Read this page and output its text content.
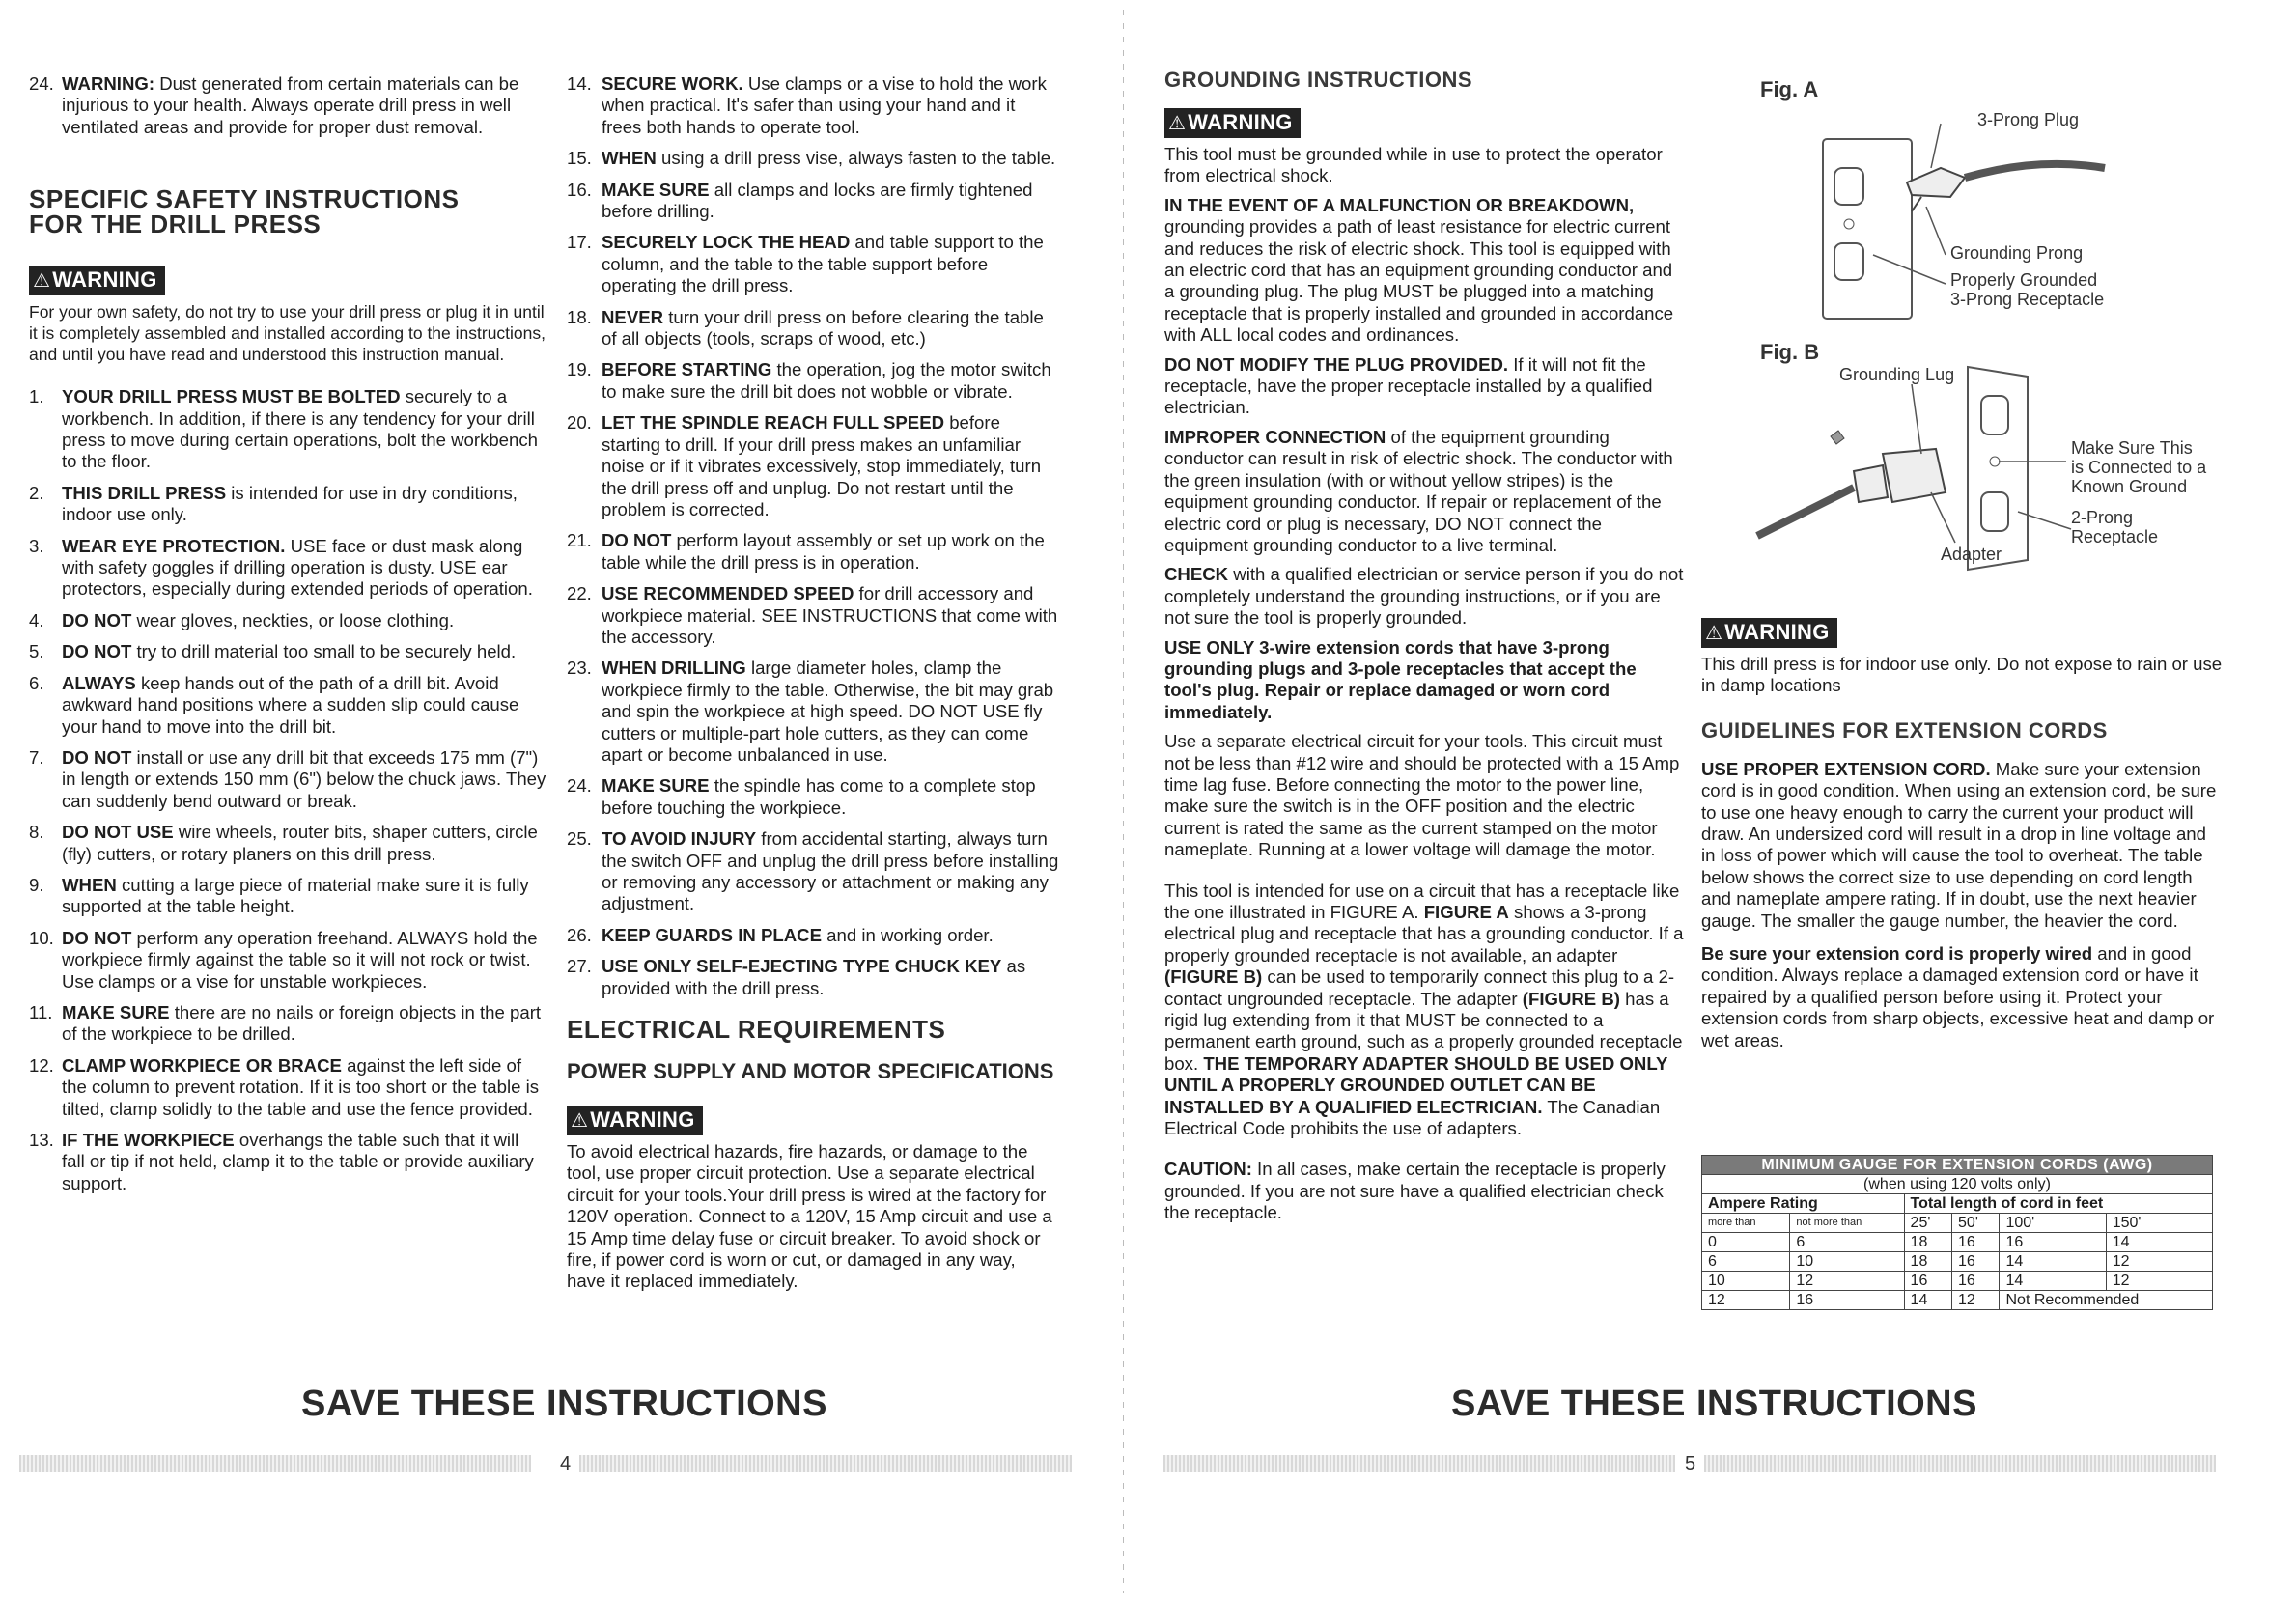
24. WARNING: Dust generated from certain materials can be injurious to your health. Always operate drill press in well ventilated areas and provide for proper dust removal.
SPECIFIC SAFETY INSTRUCTIONS
FOR THE DRILL PRESS
⚠WARNING

For your own safety, do not try to use your drill press or plug it in until it is completely assembled and installed according to the instructions, and until you have read and understood this instruction manual.

1. YOUR DRILL PRESS MUST BE BOLTED securely to a workbench. In addition, if there is any tendency for your drill press to move during certain operations, bolt the workbench to the floor.
2. THIS DRILL PRESS is intended for use in dry conditions, indoor use only.
3. WEAR EYE PROTECTION. USE face or dust mask along with safety goggles if drilling operation is dusty. USE ear protectors, especially during extended periods of operation.
4. DO NOT wear gloves, neckties, or loose clothing.
5. DO NOT try to drill material too small to be securely held.
6. ALWAYS keep hands out of the path of a drill bit. Avoid awkward hand positions where a sudden slip could cause your hand to move into the drill bit.
7. DO NOT install or use any drill bit that exceeds 175 mm (7") in length or extends 150 mm (6") below the chuck jaws. They can suddenly bend outward or break.
8. DO NOT USE wire wheels, router bits, shaper cutters, circle (fly) cutters, or rotary planers on this drill press.
9. WHEN cutting a large piece of material make sure it is fully supported at the table height.
10. DO NOT perform any operation freehand. ALWAYS hold the workpiece firmly against the table so it will not rock or twist. Use clamps or a vise for unstable workpieces.
11. MAKE SURE there are no nails or foreign objects in the part of the workpiece to be drilled.
12. CLAMP WORKPIECE OR BRACE against the left side of the column to prevent rotation. If it is too short or the table is tilted, clamp solidly to the table and use the fence provided.
13. IF THE WORKPIECE overhangs the table such that it will fall or tip if not held, clamp it to the table or provide auxiliary support.
14. SECURE WORK. Use clamps or a vise to hold the work when practical. It's safer than using your hand and it frees both hands to operate tool.
15. WHEN using a drill press vise, always fasten to the table.
16. MAKE SURE all clamps and locks are firmly tightened before drilling.
17. SECURELY LOCK THE HEAD and table support to the column, and the table to the table support before operating the drill press.
18. NEVER turn your drill press on before clearing the table of all objects (tools, scraps of wood, etc.)
19. BEFORE STARTING the operation, jog the motor switch to make sure the drill bit does not wobble or vibrate.
20. LET THE SPINDLE REACH FULL SPEED before starting to drill. If your drill press makes an unfamiliar noise or if it vibrates excessively, stop immediately, turn the drill press off and unplug. Do not restart until the problem is corrected.
21. DO NOT perform layout assembly or set up work on the table while the drill press is in operation.
22. USE RECOMMENDED SPEED for drill accessory and workpiece material. SEE INSTRUCTIONS that come with the accessory.
23. WHEN DRILLING large diameter holes, clamp the workpiece firmly to the table. Otherwise, the bit may grab and spin the workpiece at high speed. DO NOT USE fly cutters or multiple-part hole cutters, as they can come apart or become unbalanced in use.
24. MAKE SURE the spindle has come to a complete stop before touching the workpiece.
25. TO AVOID INJURY from accidental starting, always turn the switch OFF and unplug the drill press before installing or removing any accessory or attachment or making any adjustment.
26. KEEP GUARDS IN PLACE and in working order.
27. USE ONLY SELF-EJECTING TYPE CHUCK KEY as provided with the drill press.
ELECTRICAL REQUIREMENTS
POWER SUPPLY AND MOTOR SPECIFICATIONS
⚠WARNING

To avoid electrical hazards, fire hazards, or damage to the tool, use proper circuit protection. Use a separate electrical circuit for your tools.Your drill press is wired at the factory for 120V operation. Connect to a 120V, 15 Amp circuit and use a 15 Amp time delay fuse or circuit breaker. To avoid shock or fire, if power cord is worn or cut, or damaged in any way, have it replaced immediately.

SAVE THESE INSTRUCTIONS
4
GROUNDING INSTRUCTIONS
⚠WARNING

This tool must be grounded while in use to protect the operator from electrical shock.

IN THE EVENT OF A MALFUNCTION OR BREAKDOWN, grounding provides a path of least resistance for electric current and reduces the risk of electric shock. This tool is equipped with an electric cord that has an equipment grounding conductor and a grounding plug. The plug MUST be plugged into a matching receptacle that is properly installed and grounded in accordance with ALL local codes and ordinances.

DO NOT MODIFY THE PLUG PROVIDED. If it will not fit the receptacle, have the proper receptacle installed by a qualified electrician.

IMPROPER CONNECTION of the equipment grounding conductor can result in risk of electric shock. The conductor with the green insulation (with or without yellow stripes) is the equipment grounding conductor. If repair or replacement of the electric cord or plug is necessary, DO NOT connect the equipment grounding conductor to a live terminal.

CHECK with a qualified electrician or service person if you do not completely understand the grounding instructions, or if you are not sure the tool is properly grounded.

USE ONLY 3-wire extension cords that have 3-prong grounding plugs and 3-pole receptacles that accept the tool's plug. Repair or replace damaged or worn cord immediately.

Use a separate electrical circuit for your tools. This circuit must not be less than #12 wire and should be protected with a 15 Amp time lag fuse. Before connecting the motor to the power line, make sure the switch is in the OFF position and the electric current is rated the same as the current stamped on the motor nameplate. Running at a lower voltage will damage the motor.

This tool is intended for use on a circuit that has a receptacle like the one illustrated in FIGURE A. FIGURE A shows a 3-prong electrical plug and receptacle that has a grounding conductor. If a properly grounded receptacle is not available, an adapter (FIGURE B) can be used to temporarily connect this plug to a 2-contact ungrounded receptacle. The adapter (FIGURE B) has a rigid lug extending from it that MUST be connected to a permanent earth ground, such as a properly grounded receptacle box. THE TEMPORARY ADAPTER SHOULD BE USED ONLY UNTIL A PROPERLY GROUNDED OUTLET CAN BE INSTALLED BY A QUALIFIED ELECTRICIAN. The Canadian Electrical Code prohibits the use of adapters.

CAUTION: In all cases, make certain the receptacle is properly grounded. If you are not sure have a qualified electrician check the receptacle.

Fig. A
3-Prong Plug
Grounding Prong
Properly Grounded
3-Prong Receptacle
Fig. B
Grounding Lug
Make Sure This
is Connected to a
Known Ground
2-Prong
Receptacle
Adapter
⚠WARNING

This drill press is for indoor use only. Do not expose to rain or use in damp locations

GUIDELINES FOR EXTENSION CORDS

USE PROPER EXTENSION CORD. Make sure your extension cord is in good condition. When using an extension cord, be sure to use one heavy enough to carry the current your product will draw. An undersized cord will result in a drop in line voltage and in loss of power which will cause the tool to overheat. The table below shows the correct size to use depending on cord length and nameplate ampere rating. If in doubt, use the next heavier gauge. The smaller the gauge number, the heavier the cord.

Be sure your extension cord is properly wired and in good condition. Always replace a damaged extension cord or have it repaired by a qualified person before using it. Protect your extension cords from sharp objects, excessive heat and damp or wet areas.

MINIMUM GAUGE FOR EXTENSION CORDS (AWG)					
(when using 120 volts only)					
Ampere Rating		Total length of cord in feet			
more than	not more than	25'	50'	100'	150'
0	6	18	16	16	14
6	10	18	16	14	12
10	12	16	16	14	12
12	16	14	12	Not Recommended	
SAVE THESE INSTRUCTIONS
5
